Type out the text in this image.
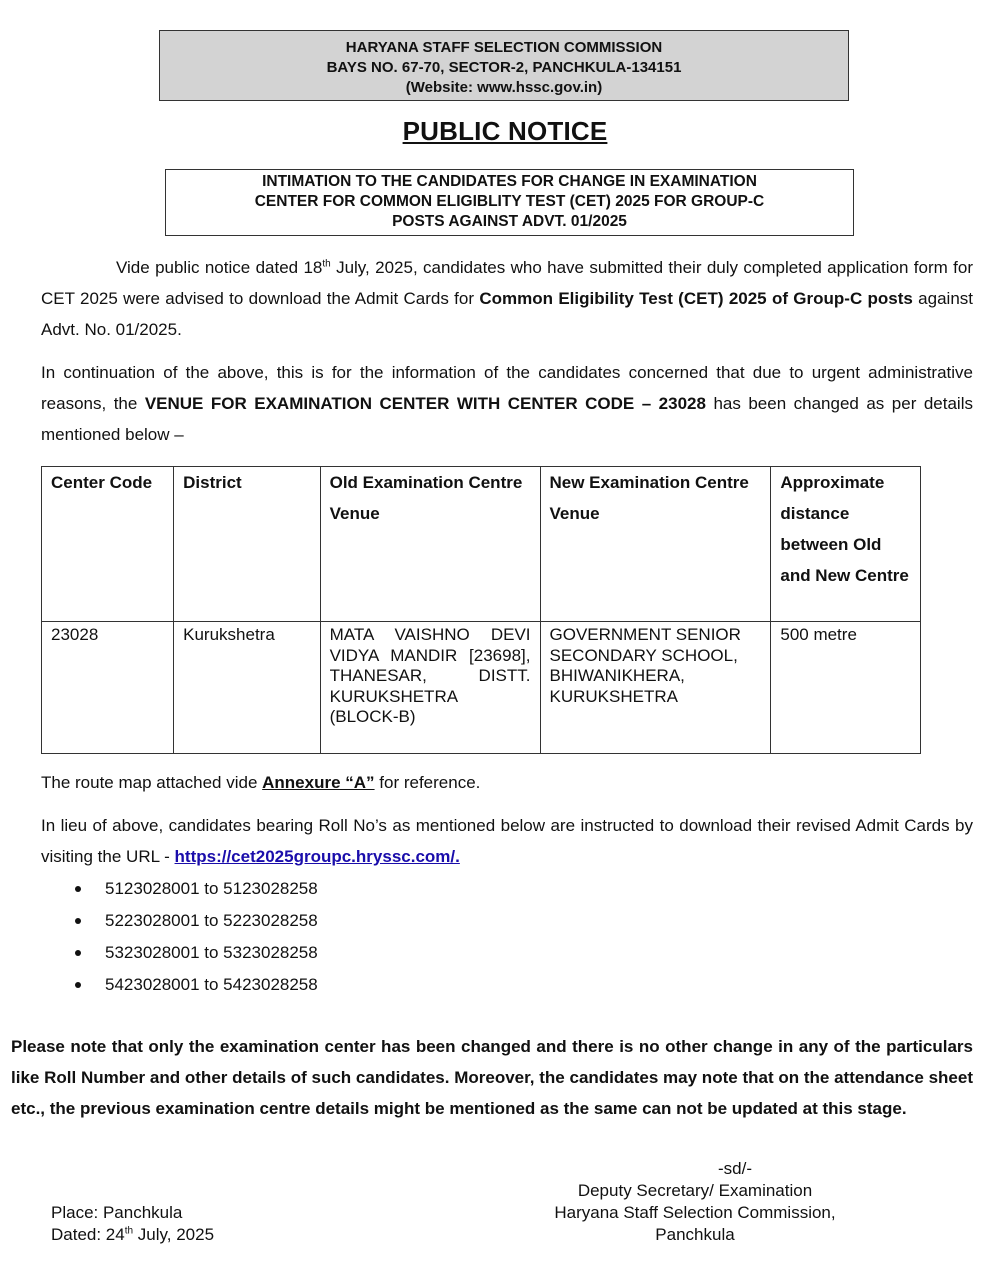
HARYANA STAFF SELECTION COMMISSION
BAYS NO. 67-70, SECTOR-2, PANCHKULA-134151
(Website: www.hssc.gov.in)
PUBLIC NOTICE
INTIMATION TO THE CANDIDATES FOR CHANGE IN EXAMINATION
CENTER FOR COMMON ELIGIBLITY TEST (CET) 2025 FOR GROUP-C
POSTS AGAINST ADVT. 01/2025

Vide public notice dated 18th July, 2025, candidates who have submitted their duly completed application form for CET 2025 were advised to download the Admit Cards for Common Eligibility Test (CET) 2025 of Group-C posts against Advt. No. 01/2025.

In continuation of the above, this is for the information of the candidates concerned that due to urgent administrative reasons, the VENUE FOR EXAMINATION CENTER WITH CENTER CODE – 23028 has been changed as per details mentioned below –

Center Code	District	Old Examination Centre Venue	New Examination Centre Venue	Approximate distance between Old and New Centre
23028	Kurukshetra	MATA VAISHNO DEVI VIDYA MANDIR [23698], THANESAR, DISTT. KURUKSHETRA (BLOCK-B)	GOVERNMENT SENIOR SECONDARY SCHOOL, BHIWANIKHERA, KURUKSHETRA	500 metre
The route map attached vide Annexure “A” for reference.
In lieu of above, candidates bearing Roll No’s as mentioned below are instructed to download their revised Admit Cards by visiting the URL - https://cet2025groupc.hryssc.com/.
5123028001 to 5123028258
5223028001 to 5223028258
5323028001 to 5323028258
5423028001 to 5423028258
Please note that only the examination center has been changed and there is no other change in any of the particulars like Roll Number and other details of such candidates. Moreover, the candidates may note that on the attendance sheet etc., the previous examination centre details might be mentioned as the same can not be updated at this stage.
-sd/-
Deputy Secretary/ Examination
Haryana Staff Selection Commission,
Panchkula
Place: Panchkula
Dated: 24th July, 2025
